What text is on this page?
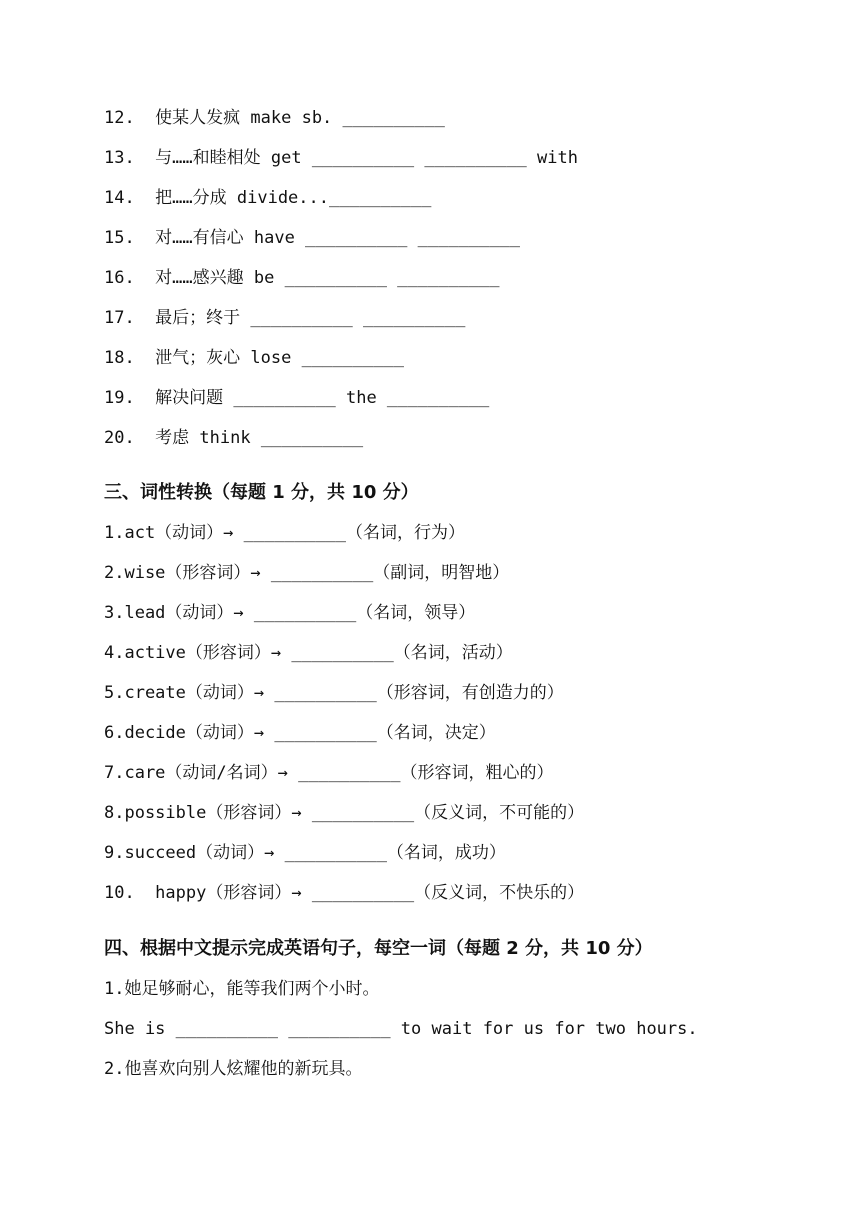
12.  使某人发疯 make sb. __________
13.  与……和睦相处 get __________ __________ with
14.  把……分成 divide...__________
15.  对……有信心 have __________ __________
16.  对……感兴趣 be __________ __________
17.  最后；终于 __________ __________
18.  泄气；灰心 lose __________
19.  解决问题 __________ the __________
20.  考虑 think __________
三、词性转换（每题 1 分，共 10 分）
1.act（动词）→ __________（名词，行为）
2.wise（形容词）→ __________（副词，明智地）
3.lead（动词）→ __________（名词，领导）
4.active（形容词）→ __________（名词，活动）
5.create（动词）→ __________（形容词，有创造力的）
6.decide（动词）→ __________（名词，决定）
7.care（动词/名词）→ __________（形容词，粗心的）
8.possible（形容词）→ __________（反义词，不可能的）
9.succeed（动词）→ __________（名词，成功）
10.  happy（形容词）→ __________（反义词，不快乐的）
四、根据中文提示完成英语句子，每空一词（每题 2 分，共 10 分）
1.她足够耐心，能等我们两个小时。
She is __________ __________ to wait for us for two hours.
2.他喜欢向别人炫耀他的新玩具。
